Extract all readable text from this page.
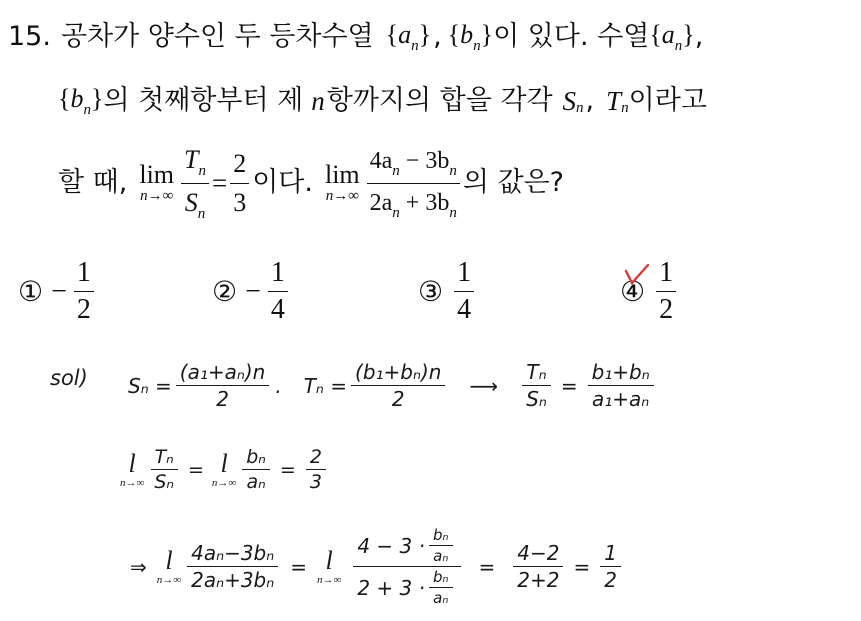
15. 공차가 양수인 두 등차수열 $\{a_n\}$ , $\{b_n\}$ 이 있다. 수열 $\{a_n\}$ ,
$\{b_n\}$ 의 첫째항부터 제 n 항까지의 합을 각각 S n , T n 이라고
할 때, lim
$n\to\infty \frac{T_n}{S_n} = \frac{2}{3}$ 이다. lim
$n\to\infty \frac{4a_n - 3b_n}{2a_n + 3b_n}$ 의 값은?
① − $\frac{1}{2}$	② − $\frac{1}{4}$	③ $\frac{1}{4}$	④ $\frac{1}{2}$
sol) $S_n = \frac{\text{(a₁+aₙ)n}}{2}$ . $T_n = \frac{\text{(b₁+bₙ)n}}{2}$ ⟶ $\frac{\text{Tₙ}}{\text{Sₙ}} = \frac{\text{b₁+bₙ}}{\text{a₁+aₙ}}$
l
$n\to\infty \frac{\text{Tₙ}}{\text{Sₙ}} = l$
$n\to\infty \frac{\text{bₙ}}{\text{aₙ}} = \frac{2}{3}$
⇒ l
$n\to\infty \frac{\text{4aₙ−3bₙ}}{\text{2aₙ+3bₙ}} = l$
$n\to\infty \frac{4 - 3 \cdot \frac{\text{bₙ}}{\text{aₙ}}}{2 + 3 \cdot \frac{\text{bₙ}}{\text{aₙ}}} = \frac{4-2}{2+2} = \frac{1}{2}$
